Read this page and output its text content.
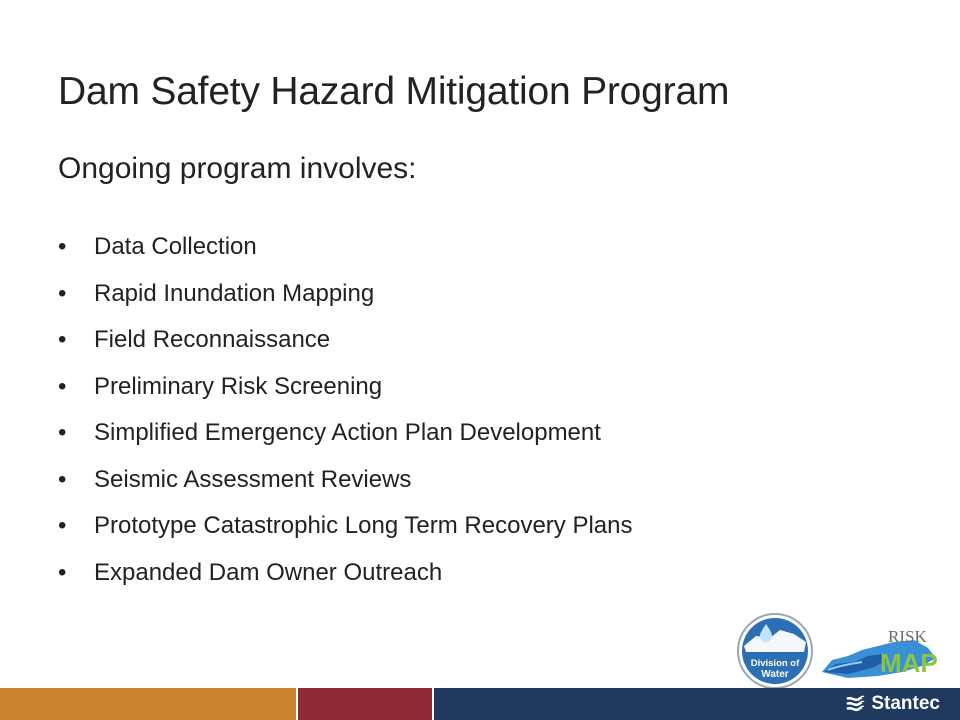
Dam Safety Hazard Mitigation Program
Ongoing program involves:
• Data Collection
• Rapid Inundation Mapping
• Field Reconnaissance
• Preliminary Risk Screening
• Simplified Emergency Action Plan Development
• Seismic Assessment Reviews
• Prototype Catastrophic Long Term Recovery Plans
• Expanded Dam Owner Outreach
Division of
Water
RISK
MAP
Stantec
